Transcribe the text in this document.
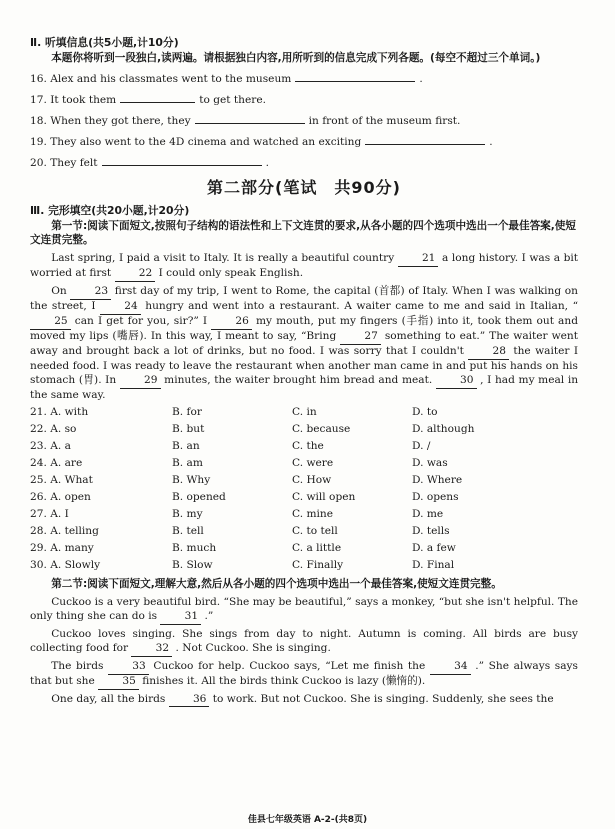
Ⅱ. 听填信息(共5小题,计10分)
本题你将听到一段独白,读两遍。请根据独白内容,用所听到的信息完成下列各题。(每空不超过三个单词。)
16. Alex and his classmates went to the museum	.
17. It took them	to get there.
18. When they got there, they	in front of the museum first.
19. They also went to the 4D cinema and watched an exciting	.
20. They felt	.
第二部分(笔试　共90分)
Ⅲ. 完形填空(共20小题,计20分)
第一节:阅读下面短文,按照句子结构的语法性和上下文连贯的要求,从各小题的四个选项中选出一个最佳答案,使短文连贯完整。
Last spring, I paid a visit to Italy. It is really a beautiful country	21 a long history. I was a bit worried at first	22 I could only speak English.
On	23 first day of my trip, I went to Rome, the capital (首都) of Italy. When I was walking on the street, I	24 hungry and went into a restaurant. A waiter came to me and said in Italian, “ 25 can I get for you, sir?” I	26 my mouth, put my fingers (手指) into it, took them out and moved my lips (嘴唇). In this way, I meant to say, “Bring	27 something to eat.” The waiter went away and brought back a lot of drinks, but no food. I was sorry that I couldn't	28 the waiter I needed food. I was ready to leave the restaurant when another man came in and put his hands on his stomach (胃). In	29 minutes, the waiter brought him bread and meat.	30 , I had my meal in the same way.
21. A. with	B. for	C. in	D. to
22. A. so	B. but	C. because	D. although
23. A. a	B. an	C. the	D. /
24. A. are	B. am	C. were	D. was
25. A. What	B. Why	C. How	D. Where
26. A. open	B. opened	C. will open	D. opens
27. A. I	B. my	C. mine	D. me
28. A. telling	B. tell	C. to tell	D. tells
29. A. many	B. much	C. a little	D. a few
30. A. Slowly	B. Slow	C. Finally	D. Final
第二节:阅读下面短文,理解大意,然后从各小题的四个选项中选出一个最佳答案,使短文连贯完整。
Cuckoo is a very beautiful bird. “She may be beautiful,” says a monkey, “but she isn't helpful. The only thing she can do is	31 .”
Cuckoo loves singing. She sings from day to night. Autumn is coming. All birds are busy collecting food for	32 . Not Cuckoo. She is singing.
The birds	33 Cuckoo for help. Cuckoo says, “Let me finish the	34 .” She always says that but she	35 finishes it. All the birds think Cuckoo is lazy (懒惰的).
One day, all the birds	36 to work. But not Cuckoo. She is singing. Suddenly, she sees the
佳县七年级英语 A-2-(共8页)
